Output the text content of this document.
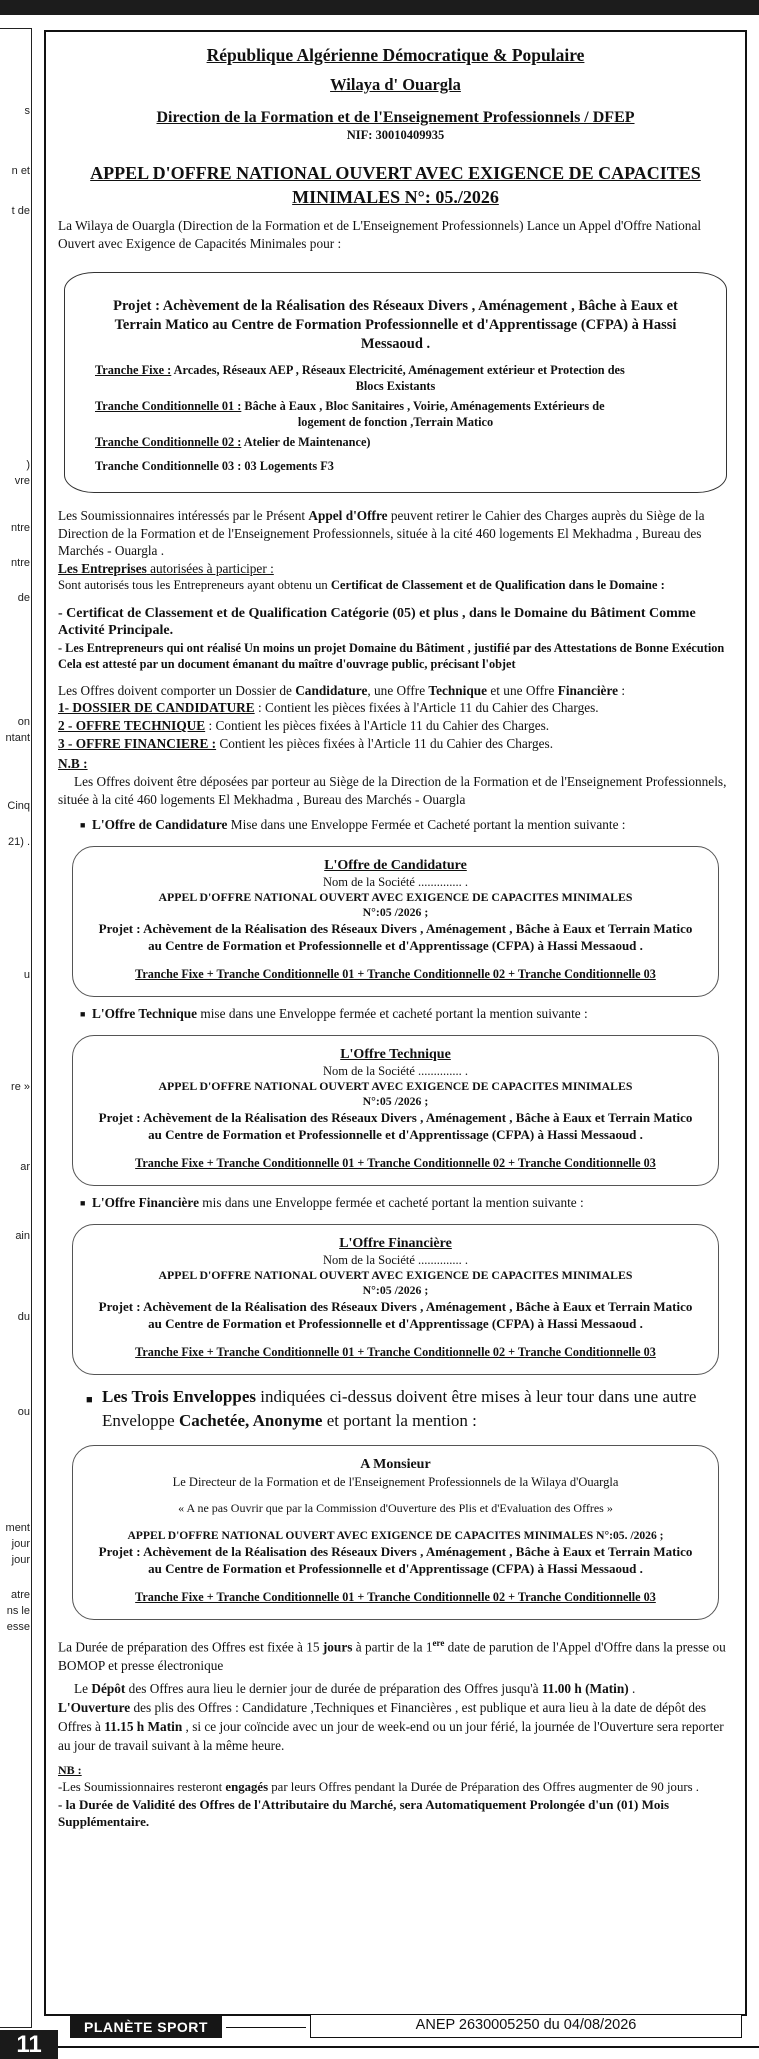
s
n et
t de
)
vre
ntre
ntre
de
on
ntant
Cinq
21) .
u
re »
ar
ain
du
ou
ment
jour
jour
atre
ns le
esse
République Algérienne Démocratique & Populaire
Wilaya d' Ouargla
Direction de la Formation et de l'Enseignement Professionnels / DFEP
NIF: 30010409935
APPEL D'OFFRE NATIONAL OUVERT AVEC EXIGENCE DE CAPACITES
MINIMALES N°: 05./2026

La Wilaya de Ouargla (Direction de la Formation et de L'Enseignement Professionnels) Lance un Appel d'Offre National Ouvert avec Exigence de Capacités Minimales pour :

Projet : Achèvement de la Réalisation des Réseaux Divers , Aménagement , Bâche à Eaux et Terrain Matico au Centre de Formation Professionnelle et d'Apprentissage (CFPA) à Hassi Messaoud .
Tranche Fixe : Arcades, Réseaux AEP , Réseaux Electricité, Aménagement extérieur et Protection des
Blocs Existants
Tranche Conditionnelle 01 : Bâche à Eaux , Bloc Sanitaires , Voirie, Aménagements Extérieurs de
logement de fonction ,Terrain Matico
Tranche Conditionnelle 02 : Atelier de Maintenance)
Tranche Conditionnelle 03 : 03 Logements F3

Les Soumissionnaires intéressés par le Présent Appel d'Offre peuvent retirer le Cahier des Charges auprès du Siège de la Direction de la Formation et de l'Enseignement Professionnels, située à la cité 460 logements El Mekhadma , Bureau des Marchés - Ouargla .

Les Entreprises autorisées à participer :

Sont autorisés tous les Entrepreneurs ayant obtenu un Certificat de Classement et de Qualification dans le Domaine :

- Certificat de Classement et de Qualification Catégorie (05) et plus , dans le Domaine du Bâtiment Comme Activité Principale.

- Les Entrepreneurs qui ont réalisé Un moins un projet Domaine du Bâtiment , justifié par des Attestations de Bonne Exécution Cela est attesté par un document émanant du maître d'ouvrage public, précisant l'objet

Les Offres doivent comporter un Dossier de Candidature, une Offre Technique et une Offre Financière :

1- DOSSIER DE CANDIDATURE : Contient les pièces fixées à l'Article 11 du Cahier des Charges.
2 - OFFRE TECHNIQUE : Contient les pièces fixées à l'Article 11 du Cahier des Charges.
3 - OFFRE FINANCIERE : Contient les pièces fixées à l'Article 11 du Cahier des Charges.
N.B :

Les Offres doivent être déposées par porteur au Siège de la Direction de la Formation et de l'Enseignement Professionnels, située à la cité 460 logements El Mekhadma , Bureau des Marchés - Ouargla

■ L'Offre de Candidature Mise dans une Enveloppe Fermée et Cacheté portant la mention suivante :
L'Offre de Candidature
Nom de la Société .............. .
APPEL D'OFFRE NATIONAL OUVERT AVEC EXIGENCE DE CAPACITES MINIMALES
N°:05 /2026 ;
Projet : Achèvement de la Réalisation des Réseaux Divers , Aménagement , Bâche à Eaux et Terrain Matico au Centre de Formation et Professionnelle et d'Apprentissage (CFPA) à Hassi Messaoud .
Tranche Fixe + Tranche Conditionnelle 01 + Tranche Conditionnelle 02 + Tranche Conditionnelle 03
■ L'Offre Technique mise dans une Enveloppe fermée et cacheté portant la mention suivante :
L'Offre Technique
Nom de la Société .............. .
APPEL D'OFFRE NATIONAL OUVERT AVEC EXIGENCE DE CAPACITES MINIMALES
N°:05 /2026 ;
Projet : Achèvement de la Réalisation des Réseaux Divers , Aménagement , Bâche à Eaux et Terrain Matico au Centre de Formation et Professionnelle et d'Apprentissage (CFPA) à Hassi Messaoud .
Tranche Fixe + Tranche Conditionnelle 01 + Tranche Conditionnelle 02 + Tranche Conditionnelle 03
■ L'Offre Financière mis dans une Enveloppe fermée et cacheté portant la mention suivante :
L'Offre Financière
Nom de la Société .............. .
APPEL D'OFFRE NATIONAL OUVERT AVEC EXIGENCE DE CAPACITES MINIMALES
N°:05 /2026 ;
Projet : Achèvement de la Réalisation des Réseaux Divers , Aménagement , Bâche à Eaux et Terrain Matico au Centre de Formation et Professionnelle et d'Apprentissage (CFPA) à Hassi Messaoud .
Tranche Fixe + Tranche Conditionnelle 01 + Tranche Conditionnelle 02 + Tranche Conditionnelle 03
■ Les Trois Enveloppes indiquées ci-dessus doivent être mises à leur tour dans une autre Enveloppe Cachetée, Anonyme et portant la mention :
A Monsieur
Le Directeur de la Formation et de l'Enseignement Professionnels de la Wilaya d'Ouargla
« A ne pas Ouvrir que par la Commission d'Ouverture des Plis et d'Evaluation des Offres »
APPEL D'OFFRE NATIONAL OUVERT AVEC EXIGENCE DE CAPACITES MINIMALES N°:05. /2026 ;
Projet : Achèvement de la Réalisation des Réseaux Divers , Aménagement , Bâche à Eaux et Terrain Matico au Centre de Formation et Professionnelle et d'Apprentissage (CFPA) à Hassi Messaoud .
Tranche Fixe + Tranche Conditionnelle 01 + Tranche Conditionnelle 02 + Tranche Conditionnelle 03

La Durée de préparation des Offres est fixée à 15 jours à partir de la 1ere date de parution de l'Appel d'Offre dans la presse ou BOMOP et presse électronique

Le Dépôt des Offres aura lieu le dernier jour de durée de préparation des Offres jusqu'à 11.00 h (Matin) .

L'Ouverture des plis des Offres : Candidature ,Techniques et Financières , est publique et aura lieu à la date de dépôt des Offres à 11.15 h Matin , si ce jour coïncide avec un jour de week-end ou un jour férié, la journée de l'Ouverture sera reporter au jour de travail suivant à la même heure.

NB :

-Les Soumissionnaires resteront engagés par leurs Offres pendant la Durée de Préparation des Offres augmenter de 90 jours .

- la Durée de Validité des Offres de l'Attributaire du Marché, sera Automatiquement Prolongée d'un (01) Mois Supplémentaire.

PLANÈTE SPORT	ANEP 2630005250 du 04/08/2026
11
